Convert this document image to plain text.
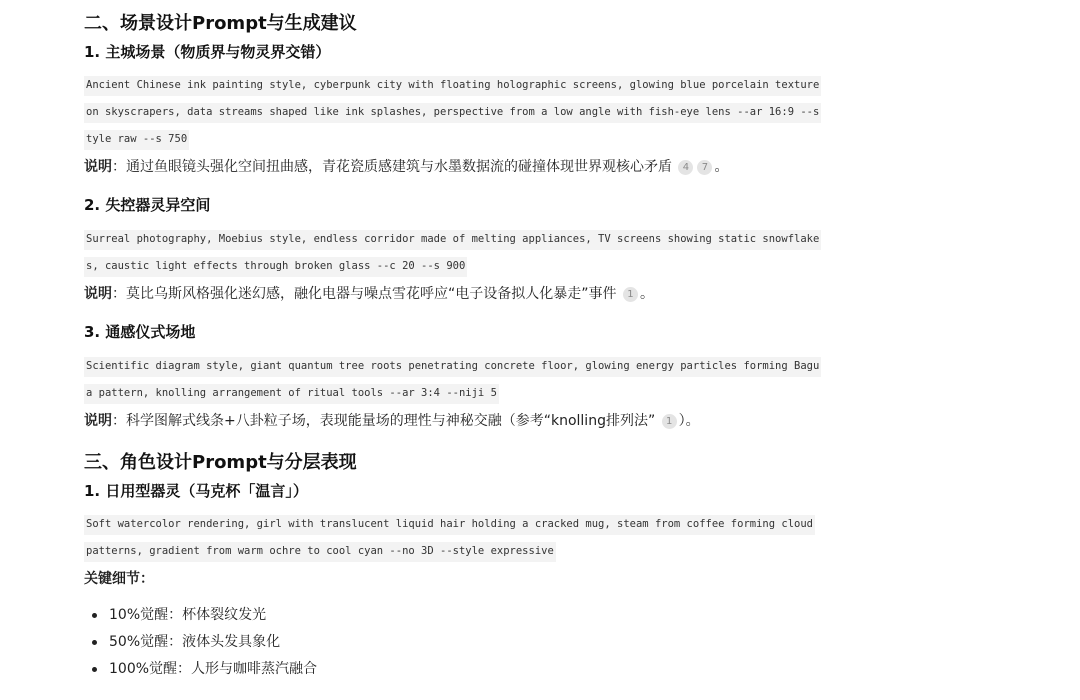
二、场景设计Prompt与生成建议
1. 主城场景（物质界与物灵界交错）
Ancient Chinese ink painting style, cyberpunk city with floating holographic screens, glowing blue porcelain texture
on skyscrapers, data streams shaped like ink splashes, perspective from a low angle with fish-eye lens --ar 16:9 --s
tyle raw --s 750
说明：通过鱼眼镜头强化空间扭曲感，青花瓷质感建筑与水墨数据流的碰撞体现世界观核心矛盾 4 7 。
2. 失控器灵异空间
Surreal photography, Moebius style, endless corridor made of melting appliances, TV screens showing static snowflake
s, caustic light effects through broken glass --c 20 --s 900
说明：莫比乌斯风格强化迷幻感，融化电器与噪点雪花呼应“电子设备拟人化暴走”事件 1 。
3. 通感仪式场地
Scientific diagram style, giant quantum tree roots penetrating concrete floor, glowing energy particles forming Bagu
a pattern, knolling arrangement of ritual tools --ar 3:4 --niji 5
说明：科学图解式线条+八卦粒子场，表现能量场的理性与神秘交融（参考“knolling排列法” 1 ）。
三、角色设计Prompt与分层表现
1. 日用型器灵（马克杯「温言」）
Soft watercolor rendering, girl with translucent liquid hair holding a cracked mug, steam from coffee forming cloud
patterns, gradient from warm ochre to cool cyan --no 3D --style expressive
关键细节：
10%觉醒：杯体裂纹发光
50%觉醒：液体头发具象化
100%觉醒：人形与咖啡蒸汽融合
